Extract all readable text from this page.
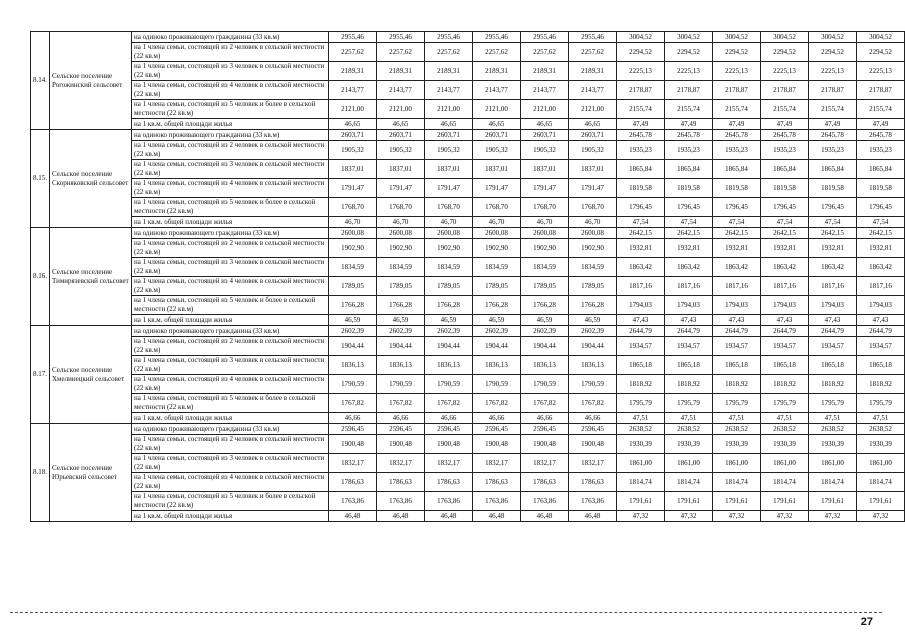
8.14.	Сельское поселение Рогожинский сельсовет	на одиноко проживающего гражданина (33 кв.м)	2955,46	2955,46	2955,46	2955,46	2955,46	2955,46	3004,52	3004,52	3004,52	3004,52	3004,52	3004,52
		на 1 члена семьи, состоящей из 2 человек в сельской местности (22 кв.м)	2257,62	2257,62	2257,62	2257,62	2257,62	2257,62	2294,52	2294,52	2294,52	2294,52	2294,52	2294,52
		на 1 члена семьи, состоящей из 3 человек в сельской местности (22 кв.м)	2189,31	2189,31	2189,31	2189,31	2189,31	2189,31	2225,13	2225,13	2225,13	2225,13	2225,13	2225,13
		на 1 члена семьи, состоящей из 4 человек в сельской местности (22 кв.м)	2143,77	2143,77	2143,77	2143,77	2143,77	2143,77	2178,87	2178,87	2178,87	2178,87	2178,87	2178,87
		на 1 члена семьи, состоящей из 5 человек и более в сельской местности (22 кв.м)	2121,00	2121,00	2121,00	2121,00	2121,00	2121,00	2155,74	2155,74	2155,74	2155,74	2155,74	2155,74
		на 1 кв.м. общей площади жилья	46,65	46,65	46,65	46,65	46,65	46,65	47,49	47,49	47,49	47,49	47,49	47,49
8.15.	Сельское поселение Скорняковский сельсовет	на одиноко проживающего гражданина (33 кв.м)	2603,71	2603,71	2603,71	2603,71	2603,71	2603,71	2645,78	2645,78	2645,78	2645,78	2645,78	2645,78
		на 1 члена семьи, состоящей из 2 человек в сельской местности (22 кв.м)	1905,32	1905,32	1905,32	1905,32	1905,32	1905,32	1935,23	1935,23	1935,23	1935,23	1935,23	1935,23
		на 1 члена семьи, состоящей из 3 человек в сельской местности (22 кв.м)	1837,01	1837,01	1837,01	1837,01	1837,01	1837,01	1865,84	1865,84	1865,84	1865,84	1865,84	1865,84
		на 1 члена семьи, состоящей из 4 человек в сельской местности (22 кв.м)	1791,47	1791,47	1791,47	1791,47	1791,47	1791,47	1819,58	1819,58	1819,58	1819,58	1819,58	1819,58
		на 1 члена семьи, состоящей из 5 человек и более в сельской местности (22 кв.м)	1768,70	1768,70	1768,70	1768,70	1768,70	1768,70	1796,45	1796,45	1796,45	1796,45	1796,45	1796,45
		на 1 кв.м. общей площади жилья	46,70	46,70	46,70	46,70	46,70	46,70	47,54	47,54	47,54	47,54	47,54	47,54
8.16.	Сельское поселение Тимирязевский сельсовет	на одиноко проживающего гражданина (33 кв.м)	2600,08	2600,08	2600,08	2600,08	2600,08	2600,08	2642,15	2642,15	2642,15	2642,15	2642,15	2642,15
		на 1 члена семьи, состоящей из 2 человек в сельской местности (22 кв.м)	1902,90	1902,90	1902,90	1902,90	1902,90	1902,90	1932,81	1932,81	1932,81	1932,81	1932,81	1932,81
		на 1 члена семьи, состоящей из 3 человек в сельской местности (22 кв.м)	1834,59	1834,59	1834,59	1834,59	1834,59	1834,59	1863,42	1863,42	1863,42	1863,42	1863,42	1863,42
		на 1 члена семьи, состоящей из 4 человек в сельской местности (22 кв.м)	1789,05	1789,05	1789,05	1789,05	1789,05	1789,05	1817,16	1817,16	1817,16	1817,16	1817,16	1817,16
		на 1 члена семьи, состоящей из 5 человек и более в сельской местности (22 кв.м)	1766,28	1766,28	1766,28	1766,28	1766,28	1766,28	1794,03	1794,03	1794,03	1794,03	1794,03	1794,03
		на 1 кв.м. общей площади жилья	46,59	46,59	46,59	46,59	46,59	46,59	47,43	47,43	47,43	47,43	47,43	47,43
8.17.	Сельское поселение Хмелинецкий сельсовет	на одиноко проживающего гражданина (33 кв.м)	2602,39	2602,39	2602,39	2602,39	2602,39	2602,39	2644,79	2644,79	2644,79	2644,79	2644,79	2644,79
		на 1 члена семьи, состоящей из 2 человек в сельской местности (22 кв.м)	1904,44	1904,44	1904,44	1904,44	1904,44	1904,44	1934,57	1934,57	1934,57	1934,57	1934,57	1934,57
		на 1 члена семьи, состоящей из 3 человек в сельской местности (22 кв.м)	1836,13	1836,13	1836,13	1836,13	1836,13	1836,13	1865,18	1865,18	1865,18	1865,18	1865,18	1865,18
		на 1 члена семьи, состоящей из 4 человек в сельской местности (22 кв.м)	1790,59	1790,59	1790,59	1790,59	1790,59	1790,59	1818,92	1818,92	1818,92	1818,92	1818,92	1818,92
		на 1 члена семьи, состоящей из 5 человек и более в сельской местности (22 кв.м)	1767,82	1767,82	1767,82	1767,82	1767,82	1767,82	1795,79	1795,79	1795,79	1795,79	1795,79	1795,79
		на 1 кв.м. общей площади жилья	46,66	46,66	46,66	46,66	46,66	46,66	47,51	47,51	47,51	47,51	47,51	47,51
8.18.	Сельское поселение Юрьевский сельсовет	на одиноко проживающего гражданина (33 кв.м)	2596,45	2596,45	2596,45	2596,45	2596,45	2596,45	2638,52	2638,52	2638,52	2638,52	2638,52	2638,52
		на 1 члена семьи, состоящей из 2 человек в сельской местности (22 кв.м)	1900,48	1900,48	1900,48	1900,48	1900,48	1900,48	1930,39	1930,39	1930,39	1930,39	1930,39	1930,39
		на 1 члена семьи, состоящей из 3 человек в сельской местности (22 кв.м)	1832,17	1832,17	1832,17	1832,17	1832,17	1832,17	1861,00	1861,00	1861,00	1861,00	1861,00	1861,00
		на 1 члена семьи, состоящей из 4 человек в сельской местности (22 кв.м)	1786,63	1786,63	1786,63	1786,63	1786,63	1786,63	1814,74	1814,74	1814,74	1814,74	1814,74	1814,74
		на 1 члена семьи, состоящей из 5 человек и более в сельской местности (22 кв.м)	1763,86	1763,86	1763,86	1763,86	1763,86	1763,86	1791,61	1791,61	1791,61	1791,61	1791,61	1791,61
		на 1 кв.м. общей площади жилья	46,48	46,48	46,48	46,48	46,48	46,48	47,32	47,32	47,32	47,32	47,32	47,32
27
